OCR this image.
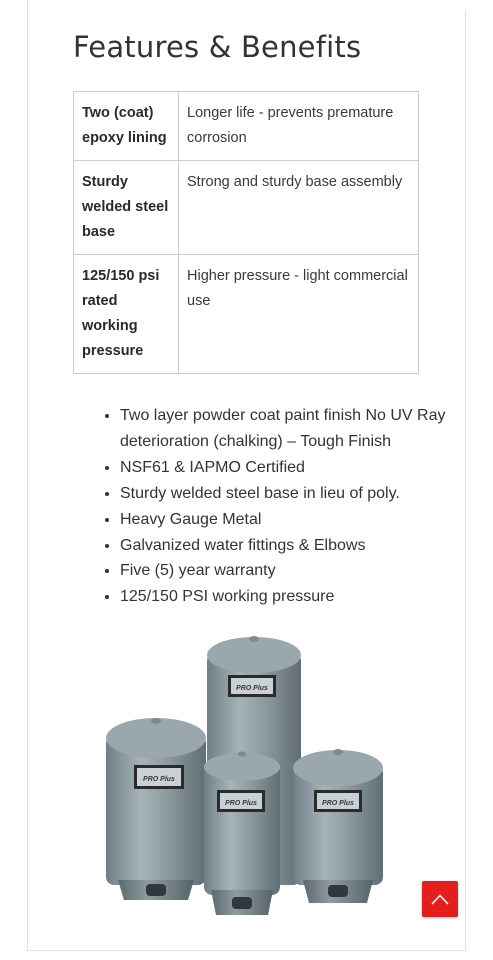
Features & Benefits
Two (coat) epoxy lining	Longer life - prevents premature corrosion
Sturdy welded steel base	Strong and sturdy base assembly
125/150 psi rated working pressure	Higher pressure - light commercial use
• Two layer powder coat paint finish No UV Ray deterioration (chalking) – Tough Finish
• NSF61 & IAPMO Certified
• Sturdy welded steel base in lieu of poly.
• Heavy Gauge Metal
• Galvanized water fittings & Elbows
• Five (5) year warranty
• 125/150 PSI working pressure
PRO Plus
PRO Plus
PRO Plus
PRO Plus
